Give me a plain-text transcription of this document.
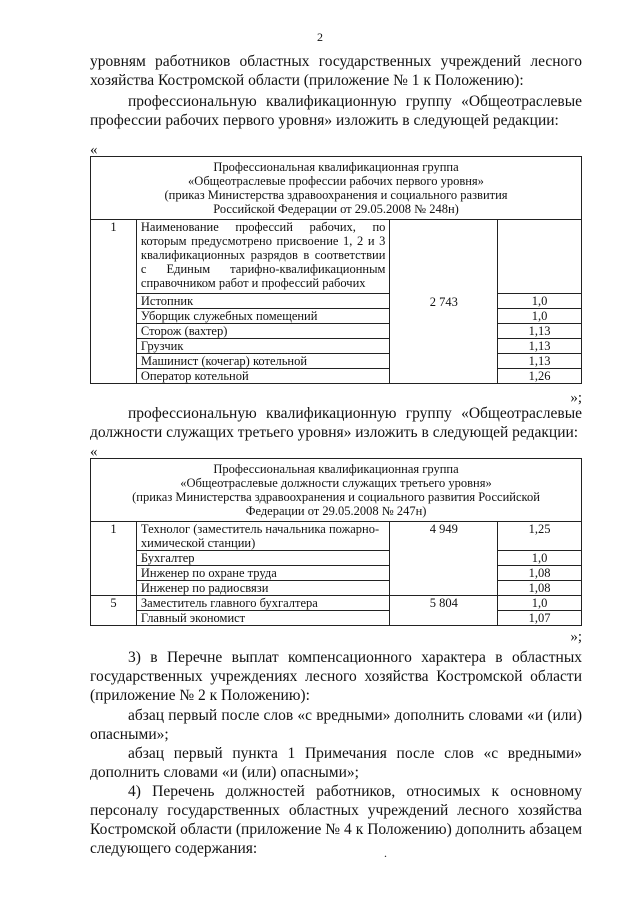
2
уровням работников областных государственных учреждений лесного хозяйства Костромской области (приложение № 1 к Положению):
профессиональную квалификационную группу «Общеотраслевые профессии рабочих первого уровня» изложить в следующей редакции:
«
Профессиональная квалификационная группа
«Общеотраслевые профессии рабочих первого уровня»
(приказ Министерства здравоохранения и социального развития
Российской Федерации от 29.05.2008 № 248н)			

1	Наименование профессий рабочих, по которым предусмотрено присвоение 1, 2 и 3 квалификационных разрядов в соответствии с Единым тарифно-квалификационным справочником работ и профессий рабочих	2 743	
	Истопник		1,0
	Уборщик служебных помещений		1,0
	Сторож (вахтер)		1,13
	Грузчик		1,13
	Машинист (кочегар) котельной		1,13
	Оператор котельной		1,26
»;
профессиональную квалификационную группу «Общеотраслевые должности служащих третьего уровня» изложить в следующей редакции:
«
Профессиональная квалификационная группа
«Общеотраслевые должности служащих третьего уровня»
(приказ Министерства здравоохранения и социального развития Российской
Федерации от 29.05.2008 № 247н)			

1	Технолог (заместитель начальника пожарно-химической станции)	4 949	1,25
	Бухгалтер		1,0
	Инженер по охране труда		1,08
	Инженер по радиосвязи		1,08
5	Заместитель главного бухгалтера	5 804	1,0
	Главный экономист		1,07
»;
3) в Перечне выплат компенсационного характера в областных государственных учреждениях лесного хозяйства Костромской области (приложение № 2 к Положению):
абзац первый после слов «с вредными» дополнить словами «и (или) опасными»;
абзац первый пункта 1 Примечания после слов «с вредными» дополнить словами «и (или) опасными»;
4) Перечень должностей работников, относимых к основному персоналу государственных областных учреждений лесного хозяйства Костромской области (приложение № 4 к Положению) дополнить абзацем следующего содержания:	.
